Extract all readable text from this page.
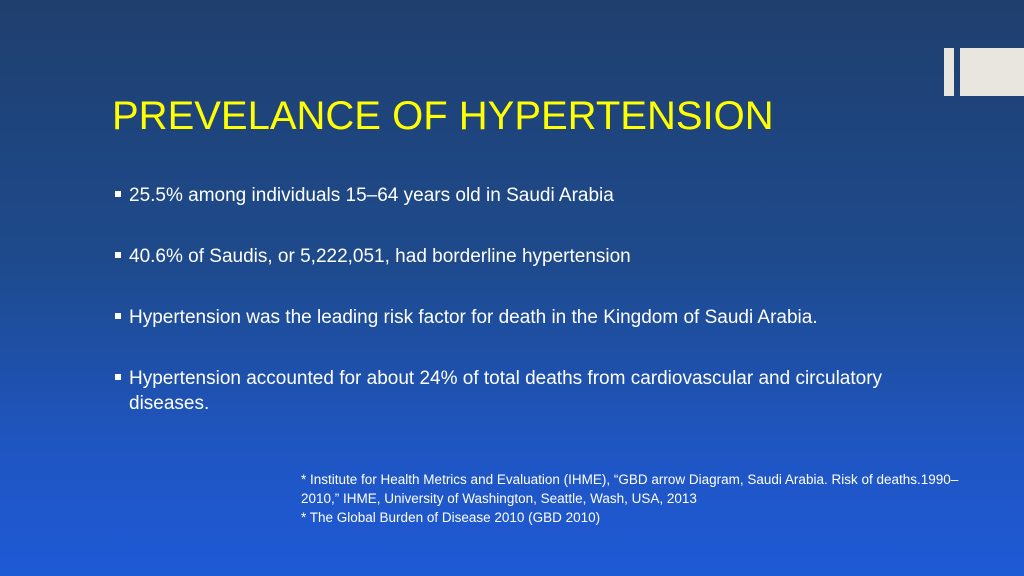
PREVELANCE OF HYPERTENSION
25.5% among individuals 15–64 years old in Saudi Arabia
40.6% of Saudis, or 5,222,051, had borderline hypertension
Hypertension was the leading risk factor for death in the Kingdom of Saudi Arabia.
Hypertension accounted for about 24% of total deaths from cardiovascular and circulatory diseases.
* Institute for Health Metrics and Evaluation (IHME), “GBD arrow Diagram, Saudi Arabia. Risk of deaths.1990–2010,” IHME, University of Washington, Seattle, Wash, USA, 2013
* The Global Burden of Disease 2010 (GBD 2010)
